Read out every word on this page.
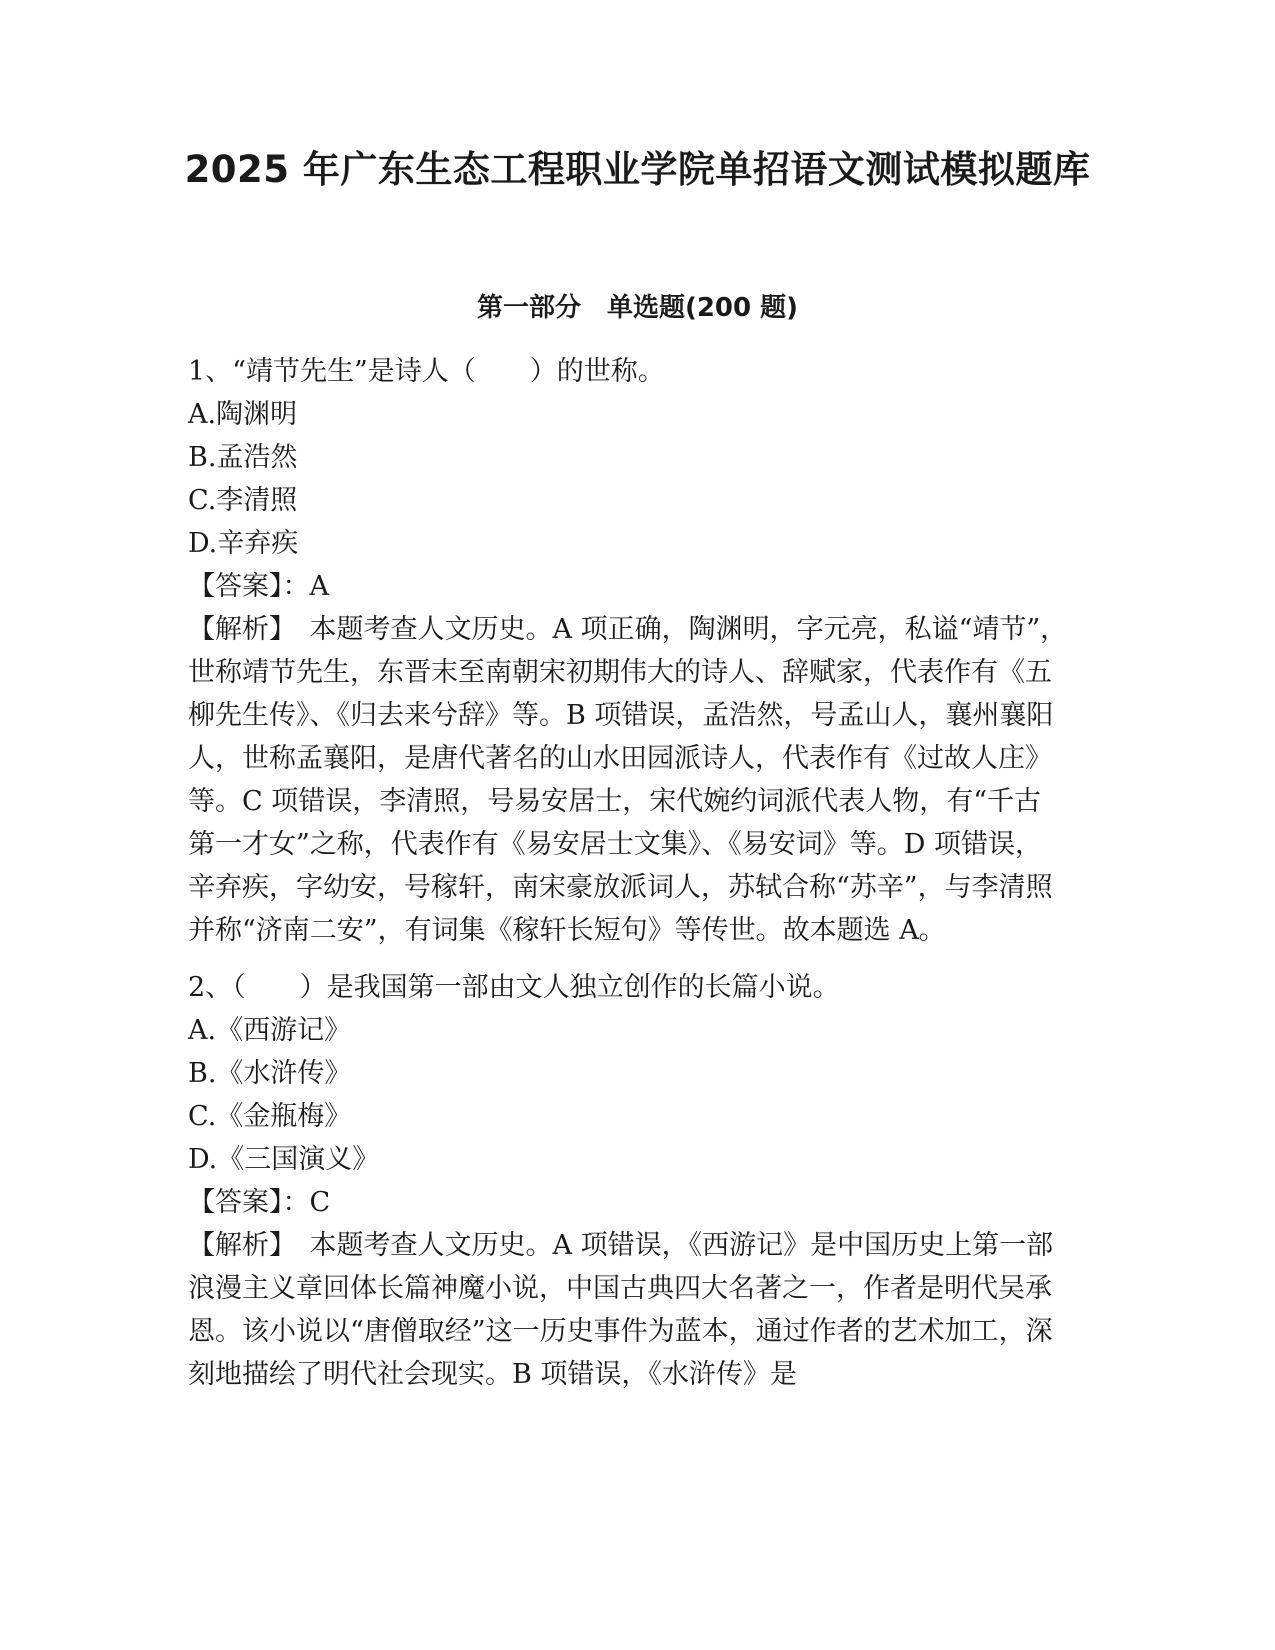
2025 年广东生态工程职业学院单招语文测试模拟题库
第一部分　单选题(200 题)

1、“靖节先生”是诗人（　　）的世称。

A.陶渊明

B.孟浩然

C.李清照

D.辛弃疾

【答案】：A

【解析】　本题考查人文历史。A 项正确，陶渊明，字元亮，私谥“靖节”，世称靖节先生，东晋末至南朝宋初期伟大的诗人、辞赋家，代表作有《五柳先生传》、《归去来兮辞》等。B 项错误，孟浩然，号孟山人，襄州襄阳人，世称孟襄阳，是唐代著名的山水田园派诗人，代表作有《过故人庄》等。C 项错误，李清照，号易安居士，宋代婉约词派代表人物，有“千古第一才女”之称，代表作有《易安居士文集》、《易安词》等。D 项错误，辛弃疾，字幼安，号稼轩，南宋豪放派词人，苏轼合称“苏辛”，与李清照并称“济南二安”，有词集《稼轩长短句》等传世。故本题选 A。

2、（　　）是我国第一部由文人独立创作的长篇小说。

A.《西游记》

B.《水浒传》

C.《金瓶梅》

D.《三国演义》

【答案】：C

【解析】　本题考查人文历史。A 项错误，《西游记》是中国历史上第一部浪漫主义章回体长篇神魔小说，中国古典四大名著之一，作者是明代吴承恩。该小说以“唐僧取经”这一历史事件为蓝本，通过作者的艺术加工，深刻地描绘了明代社会现实。B 项错误，《水浒传》是
